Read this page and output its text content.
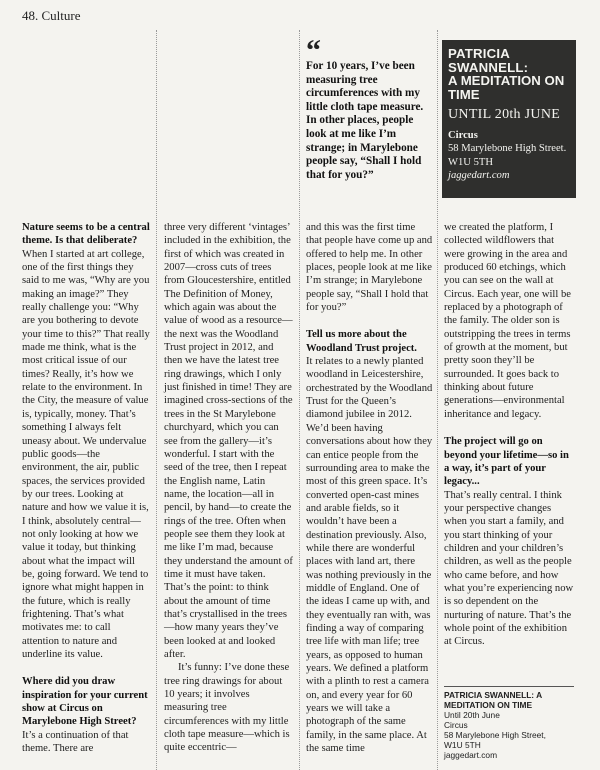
48. Culture
“
For 10 years, I’ve been measuring tree circumferences with my little cloth tape measure. In other places, people look at me like I’m strange; in Marylebone people say, “Shall I hold that for you?”
PATRICIA SWANNELL:
A MEDITATION ON TIME
UNTIL 20th JUNE
Circus
58 Marylebone High Street.
W1U 5TH
jaggedart.com
Nature seems to be a central theme. Is that deliberate?

When I started at art college, one of the first things they said to me was, “Why are you making an image?” They really challenge you: “Why are you bothering to devote your time to this?” That really made me think, what is the most critical issue of our times? Really, it’s how we relate to the environment. In the City, the measure of value is, typically, money. That’s something I always felt uneasy about. We undervalue public goods—the environment, the air, public spaces, the services provided by our trees. Looking at nature and how we value it is, I think, absolutely central—not only looking at how we value it today, but thinking about what the impact will be, going forward. We tend to ignore what might happen in the future, which is really frightening. That’s what motivates me: to call attention to nature and underline its value.

Where did you draw inspiration for your current show at Circus on Marylebone High Street?

It’s a continuation of that theme. There are

three very different ‘vintages’ included in the exhibition, the first of which was created in 2007—cross cuts of trees from Gloucestershire, entitled The Definition of Money, which again was about the value of wood as a resource—the next was the Woodland Trust project in 2012, and then we have the latest tree ring drawings, which I only just finished in time! They are imagined cross-sections of the trees in the St Marylebone churchyard, which you can see from the gallery—it’s wonderful. I start with the seed of the tree, then I repeat the English name, Latin name, the location—all in pencil, by hand—to create the rings of the tree. Often when people see them they look at me like I’m mad, because they understand the amount of time it must have taken. That’s the point: to think about the amount of time that’s crystallised in the trees—how many years they’ve been looked at and looked after.

It’s funny: I’ve done these tree ring drawings for about 10 years; it involves measuring tree circumferences with my little cloth tape measure—which is quite eccentric—

and this was the first time that people have come up and offered to help me. In other places, people look at me like I’m strange; in Marylebone people say, “Shall I hold that for you?”

Tell us more about the Woodland Trust project.

It relates to a newly planted woodland in Leicestershire, orchestrated by the Woodland Trust for the Queen’s diamond jubilee in 2012. We’d been having conversations about how they can entice people from the surrounding area to make the most of this green space. It’s converted open-cast mines and arable fields, so it wouldn’t have been a destination previously. Also, while there are wonderful places with land art, there was nothing previously in the middle of England. One of the ideas I came up with, and they eventually ran with, was finding a way of comparing tree life with man life; tree years, as opposed to human years. We defined a platform with a plinth to rest a camera on, and every year for 60 years we will take a photograph of the same family, in the same place. At the same time

we created the platform, I collected wildflowers that were growing in the area and produced 60 etchings, which you can see on the wall at Circus. Each year, one will be replaced by a photograph of the family. The older son is outstripping the trees in terms of growth at the moment, but pretty soon they’ll be surrounded. It goes back to thinking about future generations—environmental inheritance and legacy.

The project will go on beyond your lifetime—so in a way, it’s part of your legacy...

That’s really central. I think your perspective changes when you start a family, and you start thinking of your children and your children’s children, as well as the people who came before, and how what you’re experiencing now is so dependent on the nurturing of nature. That’s the whole point of the exhibition at Circus.

PATRICIA SWANNELL: A MEDITATION ON TIME
Until 20th June
Circus
58 Marylebone High Street,
W1U 5TH
jaggedart.com
